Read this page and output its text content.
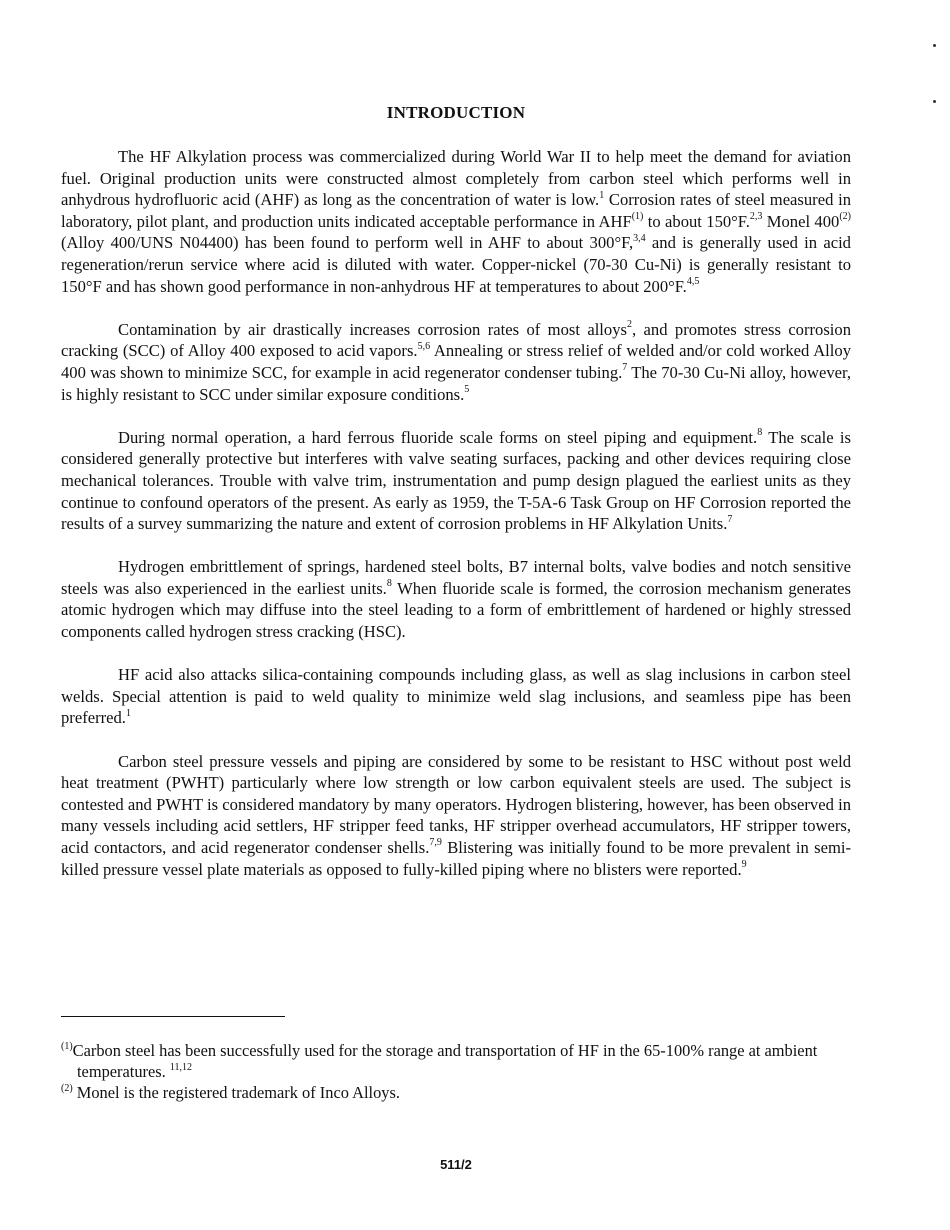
INTRODUCTION

The HF Alkylation process was commercialized during World War II to help meet the demand for aviation fuel. Original production units were constructed almost completely from carbon steel which performs well in anhydrous hydrofluoric acid (AHF) as long as the concentration of water is low.$^1$ Corrosion rates of steel measured in laboratory, pilot plant, and production units indicated acceptable performance in AHF$^{(1)}$ to about 150°F.$^{2,3}$ Monel 400$^{(2)}$ (Alloy 400/UNS N04400) has been found to perform well in AHF to about 300°F,$^{3,4}$ and is generally used in acid regeneration/rerun service where acid is diluted with water. Copper-nickel (70-30 Cu-Ni) is generally resistant to 150°F and has shown good performance in non-anhydrous HF at temperatures to about 200°F.$^{4,5}$

Contamination by air drastically increases corrosion rates of most alloys$^2$, and promotes stress corrosion cracking (SCC) of Alloy 400 exposed to acid vapors.$^{5,6}$ Annealing or stress relief of welded and/or cold worked Alloy 400 was shown to minimize SCC, for example in acid regenerator condenser tubing.$^7$ The 70-30 Cu-Ni alloy, however, is highly resistant to SCC under similar exposure conditions.$^5$

During normal operation, a hard ferrous fluoride scale forms on steel piping and equipment.$^8$ The scale is considered generally protective but interferes with valve seating surfaces, packing and other devices requiring close mechanical tolerances. Trouble with valve trim, instrumentation and pump design plagued the earliest units as they continue to confound operators of the present. As early as 1959, the T-5A-6 Task Group on HF Corrosion reported the results of a survey summarizing the nature and extent of corrosion problems in HF Alkylation Units.$^7$

Hydrogen embrittlement of springs, hardened steel bolts, B7 internal bolts, valve bodies and notch sensitive steels was also experienced in the earliest units.$^8$ When fluoride scale is formed, the corrosion mechanism generates atomic hydrogen which may diffuse into the steel leading to a form of embrittlement of hardened or highly stressed components called hydrogen stress cracking (HSC).

HF acid also attacks silica-containing compounds including glass, as well as slag inclusions in carbon steel welds. Special attention is paid to weld quality to minimize weld slag inclusions, and seamless pipe has been preferred.$^1$

Carbon steel pressure vessels and piping are considered by some to be resistant to HSC without post weld heat treatment (PWHT) particularly where low strength or low carbon equivalent steels are used. The subject is contested and PWHT is considered mandatory by many operators. Hydrogen blistering, however, has been observed in many vessels including acid settlers, HF stripper feed tanks, HF stripper overhead accumulators, HF stripper towers, acid contactors, and acid regenerator condenser shells.$^{7,9}$ Blistering was initially found to be more prevalent in semi-killed pressure vessel plate materials as opposed to fully-killed piping where no blisters were reported.$^9$

$^{(1)}$Carbon steel has been successfully used for the storage and transportation of HF in the 65-100% range at ambient temperatures. $^{11,12}$

$^{(2)}$ Monel is the registered trademark of Inco Alloys.

511/2
